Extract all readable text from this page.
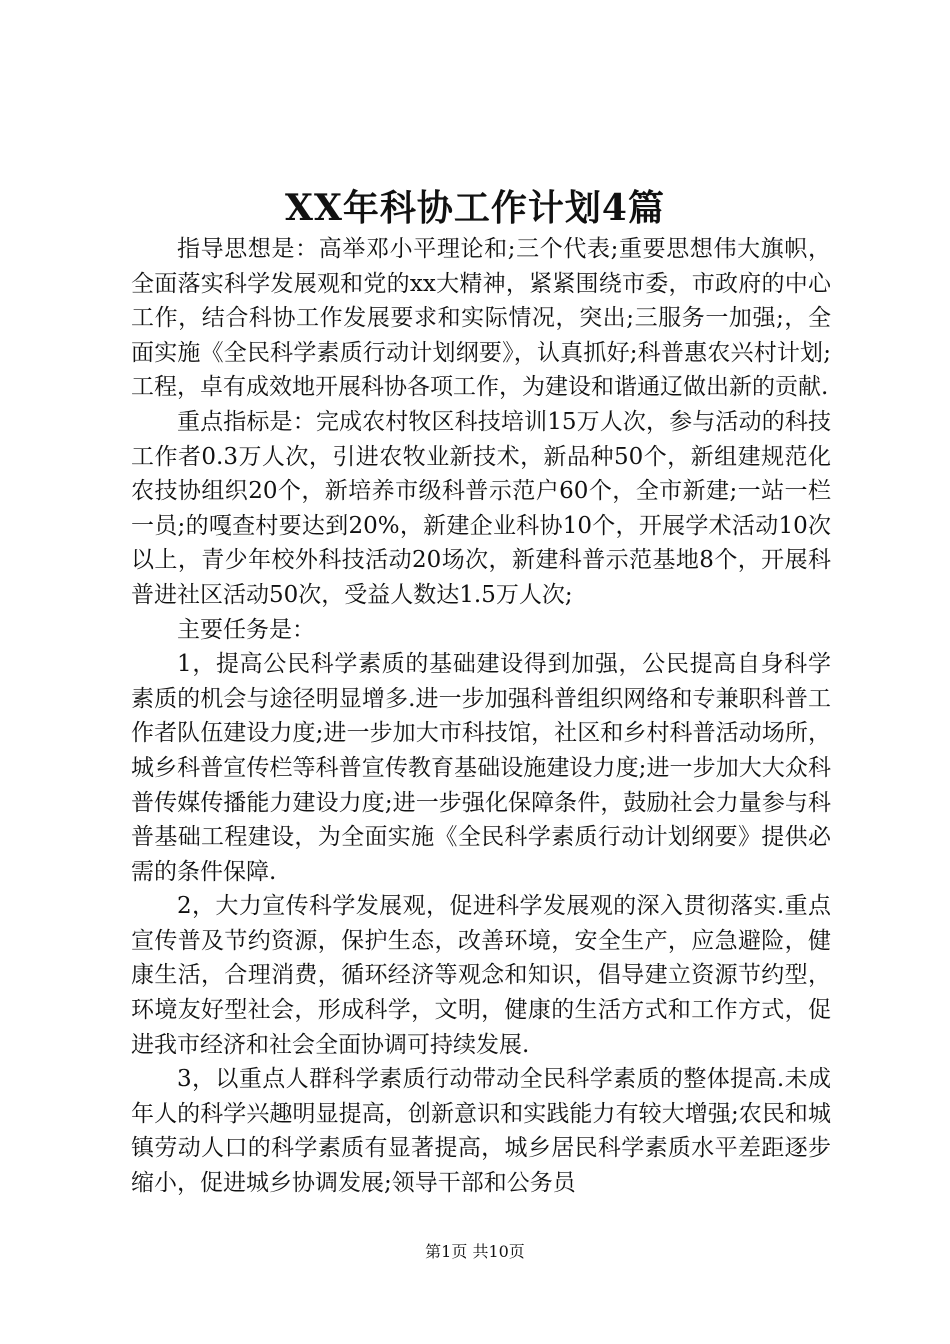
XX年科协工作计划4篇

指导思想是：高举邓小平理论和;三个代表;重要思想伟大旗帜，全面落实科学发展观和党的xx大精神，紧紧围绕市委，市政府的中心工作，结合科协工作发展要求和实际情况，突出;三服务一加强;，全面实施《全民科学素质行动计划纲要》，认真抓好;科普惠农兴村计划;工程，卓有成效地开展科协各项工作，为建设和谐通辽做出新的贡献.

重点指标是：完成农村牧区科技培训15万人次，参与活动的科技工作者0.3万人次，引进农牧业新技术，新品种50个，新组建规范化农技协组织20个，新培养市级科普示范户60个，全市新建;一站一栏一员;的嘎查村要达到20%，新建企业科协10个，开展学术活动10次以上，青少年校外科技活动20场次，新建科普示范基地8个，开展科普进社区活动50次，受益人数达1.5万人次;

主要任务是：

1，提高公民科学素质的基础建设得到加强，公民提高自身科学素质的机会与途径明显增多.进一步加强科普组织网络和专兼职科普工作者队伍建设力度;进一步加大市科技馆，社区和乡村科普活动场所，城乡科普宣传栏等科普宣传教育基础设施建设力度;进一步加大大众科普传媒传播能力建设力度;进一步强化保障条件，鼓励社会力量参与科普基础工程建设，为全面实施《全民科学素质行动计划纲要》提供必需的条件保障.

2，大力宣传科学发展观，促进科学发展观的深入贯彻落实.重点宣传普及节约资源，保护生态，改善环境，安全生产，应急避险，健康生活，合理消费，循环经济等观念和知识，倡导建立资源节约型，环境友好型社会，形成科学，文明，健康的生活方式和工作方式，促进我市经济和社会全面协调可持续发展.

3，以重点人群科学素质行动带动全民科学素质的整体提高.未成年人的科学兴趣明显提高，创新意识和实践能力有较大增强;农民和城镇劳动人口的科学素质有显著提高，城乡居民科学素质水平差距逐步缩小，促进城乡协调发展;领导干部和公务员

第1页 共10页
